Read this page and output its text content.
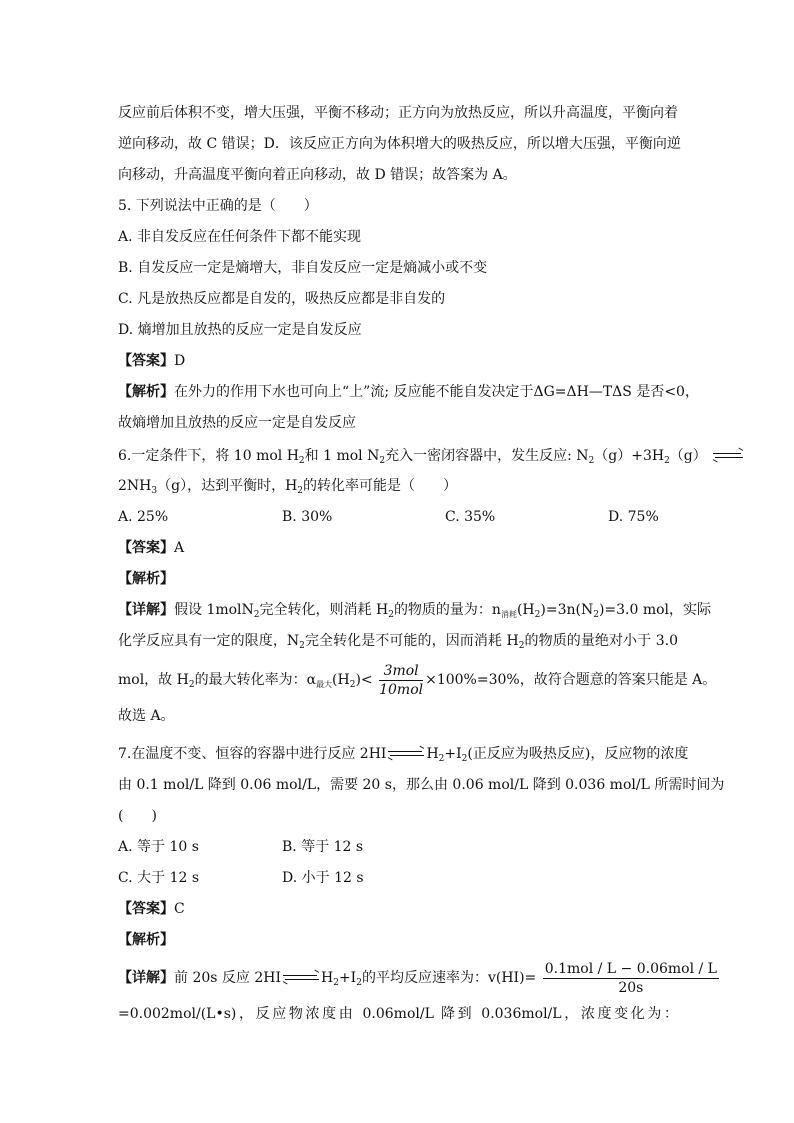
反应前后体积不变，增大压强，平衡不移动；正方向为放热反应，所以升高温度，平衡向着
逆向移动，故 C 错误；D．该反应正方向为体积增大的吸热反应，所以增大压强，平衡向逆
向移动，升高温度平衡向着正向移动，故 D 错误；故答案为 A。
5. 下列说法中正确的是（　　）
A. 非自发反应在任何条件下都不能实现
B. 自发反应一定是熵增大，非自发反应一定是熵减小或不变
C. 凡是放热反应都是自发的，吸热反应都是非自发的
D. 熵增加且放热的反应一定是自发反应
【答案】D
【解析】在外力的作用下水也可向上“上”流; 反应能不能自发决定于ΔG=ΔH—TΔS 是否<0，
故熵增加且放热的反应一定是自发反应
6.一定条件下，将 10 mol $H_2$和 1 mol $N_2$充入一密闭容器中，发生反应: $N_2(g)+3H_2(g)$
$2NH_3(g)$，达到平衡时，$H_2$的转化率可能是（　　）
A. 25%	B. 30%	C. 35%	D. 75%
【答案】A
【解析】
【详解】假设 1molN$_2$完全转化，则消耗 $H_2$的物质的量为：$n_{消耗}(H_2)=3n(N_2)=3.0$ mol，实际
化学反应具有一定的限度，$N_2$完全转化是不可能的，因而消耗 $H_2$的物质的量绝对小于 3.0
mol，故 $H_2$的最大转化率为：$\alpha_{最大}(H_2)< \frac{\text{3mol}}{\text{10mol}} \times 100\%=30\%$，故符合题意的答案只能是 A。
故选 A。
7.在温度不变、恒容的容器中进行反应 2HI	$H_2+I_2$(正反应为吸热反应)，反应物的浓度
由 0.1 mol/L 降到 0.06 mol/L，需要 20 s，那么由 0.06 mol/L 降到 0.036 mol/L 所需时间为
(　　)
A. 等于 10 s	B. 等于 12 s
C. 大于 12 s	D. 小于 12 s
【答案】C
【解析】
【详解】前 20s 反应 2HI	$H_2+I_2$的平均反应速率为：$v(HI)= \frac{\text{0.1mol / L − 0.06mol / L}}{20s}$
=0.002mol/(L•s)，反应物浓度由 0.06mol/L 降到 0.036mol/L，浓度变化为：
